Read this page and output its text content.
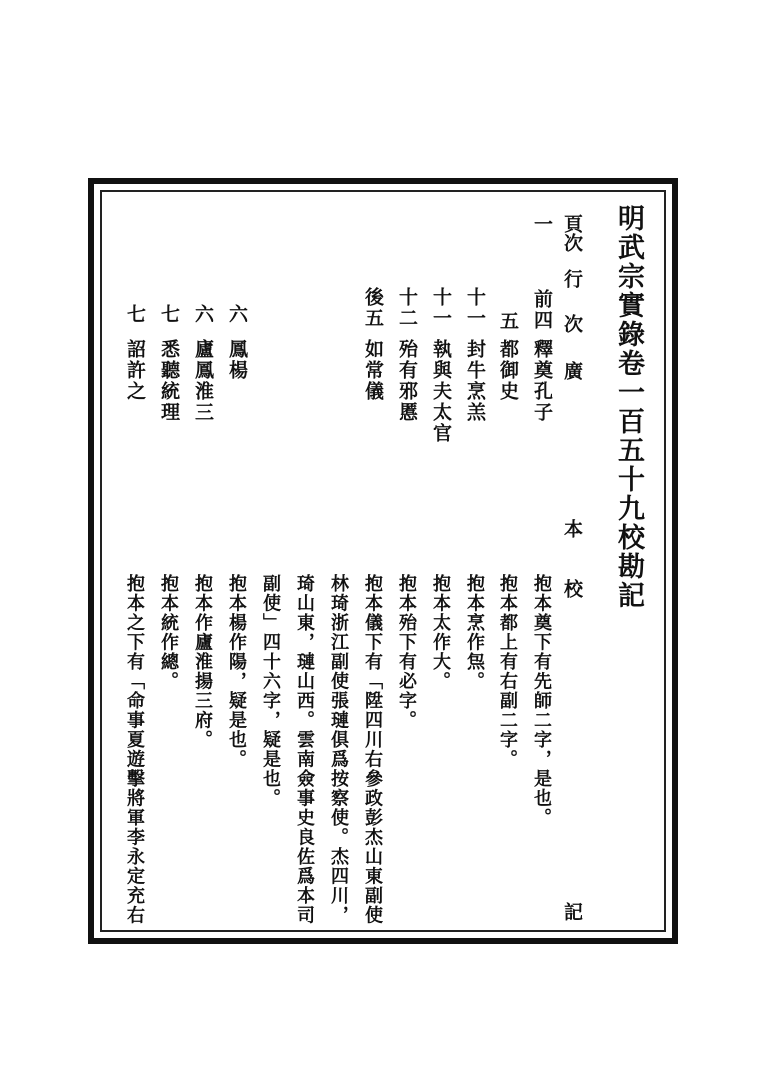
明武宗實錄卷一百五十九校勘記
頁次
行
次
廣
本
校
記
一
前四
釋奠孔子
抱本奠下有先師二字，是也。
五
都御史
抱本都上有右副二字。
十一
封牛烹羔
抱本烹作炰。
十一
執與夫太官
抱本太作大。
十二
殆有邪慝
抱本殆下有必字。
後五
如常儀
抱本儀下有「陞四川右參政彭杰山東副使
林琦浙江副使張璉俱爲按察使。杰四川，
琦山東，璉山西。雲南僉事史良佐爲本司
副使」四十六字，疑是也。
六
鳳楊
抱本楊作陽，疑是也。
六
廬鳳淮三
抱本作廬淮揚三府。
七
悉聽統理
抱本統作總。
七
詔許之
抱本之下有「命事夏遊擊將軍李永定充右
